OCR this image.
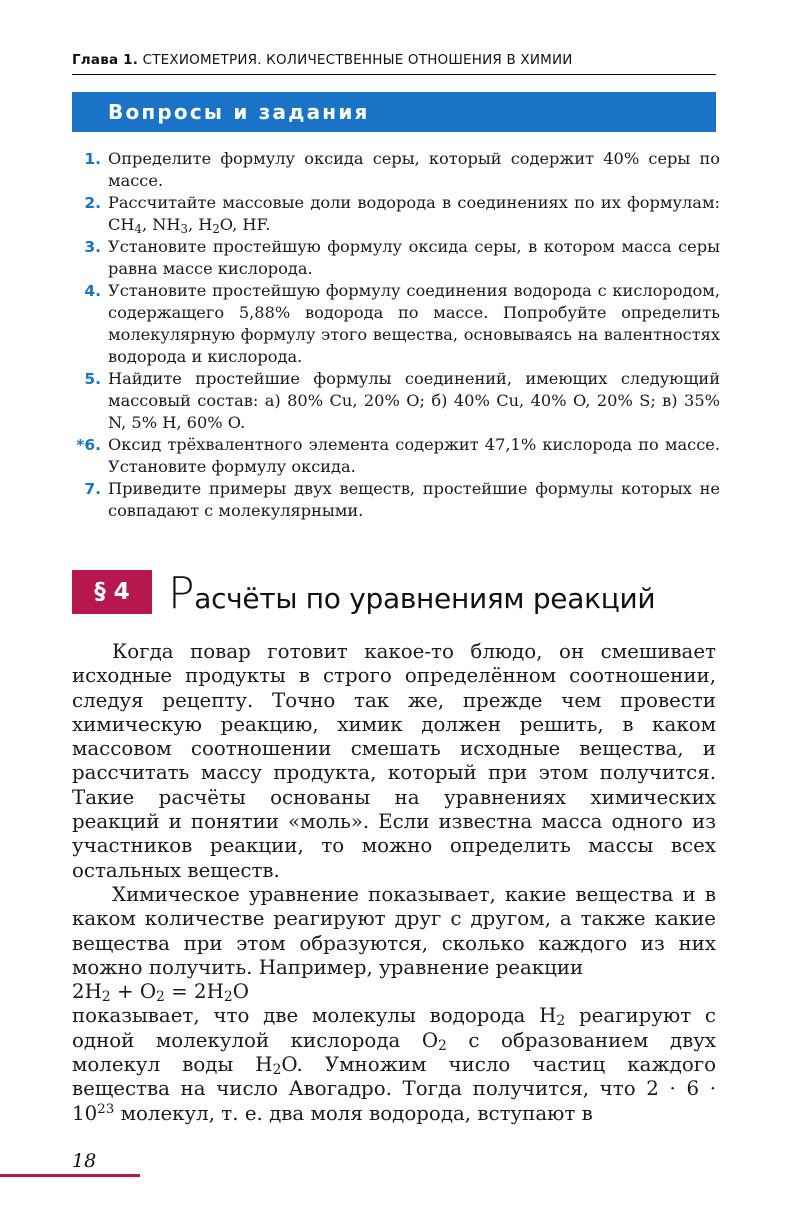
Глава 1. СТЕХИОМЕТРИЯ. КОЛИЧЕСТВЕННЫЕ ОТНОШЕНИЯ В ХИМИИ
Вопросы и задания
1. Определите формулу оксида серы, который содержит 40% серы по массе.
2. Рассчитайте массовые доли водорода в соединениях по их формулам: $CH_4$, $NH_3$, $H_2O$, HF.
3. Установите простейшую формулу оксида серы, в котором масса серы равна массе кислорода.
4. Установите простейшую формулу соединения водорода с кислородом, содержащего 5,88% водорода по массе. Попробуйте определить молекулярную формулу этого вещества, основываясь на валентностях водорода и кислорода.
5. Найдите простейшие формулы соединений, имеющих следующий массовый состав: а) 80% Cu, 20% O; б) 40% Cu, 40% O, 20% S; в) 35% N, 5% H, 60% O.
*6. Оксид трёхвалентного элемента содержит 47,1% кислорода по массе. Установите формулу оксида.
7. Приведите примеры двух веществ, простейшие формулы которых не совпадают с молекулярными.
§ 4 Расчёты по уравнениям реакций

Когда повар готовит какое-то блюдо, он смешивает исходные продукты в строго определённом соотношении, следуя рецепту. Точно так же, прежде чем провести химическую реакцию, химик должен решить, в каком массовом соотношении смешать исходные вещества, и рассчитать массу продукта, который при этом получится. Такие расчёты основаны на уравнениях химических реакций и понятии «моль». Если известна масса одного из участников реакции, то можно определить массы всех остальных веществ.

Химическое уравнение показывает, какие вещества и в каком количестве реагируют друг с другом, а также какие вещества при этом образуются, сколько каждого из них можно получить. Например, уравнение реакции

$2H_2 + O_2 = 2H_2O$

показывает, что две молекулы водорода $H_2$ реагируют с одной молекулой кислорода $O_2$ с образованием двух молекул воды $H_2O$. Умножим число частиц каждого вещества на число Авогадро. Тогда получится, что $2 \cdot 6 \cdot 10^{23}$ молекул, т. е. два моля водорода, вступают в

18
